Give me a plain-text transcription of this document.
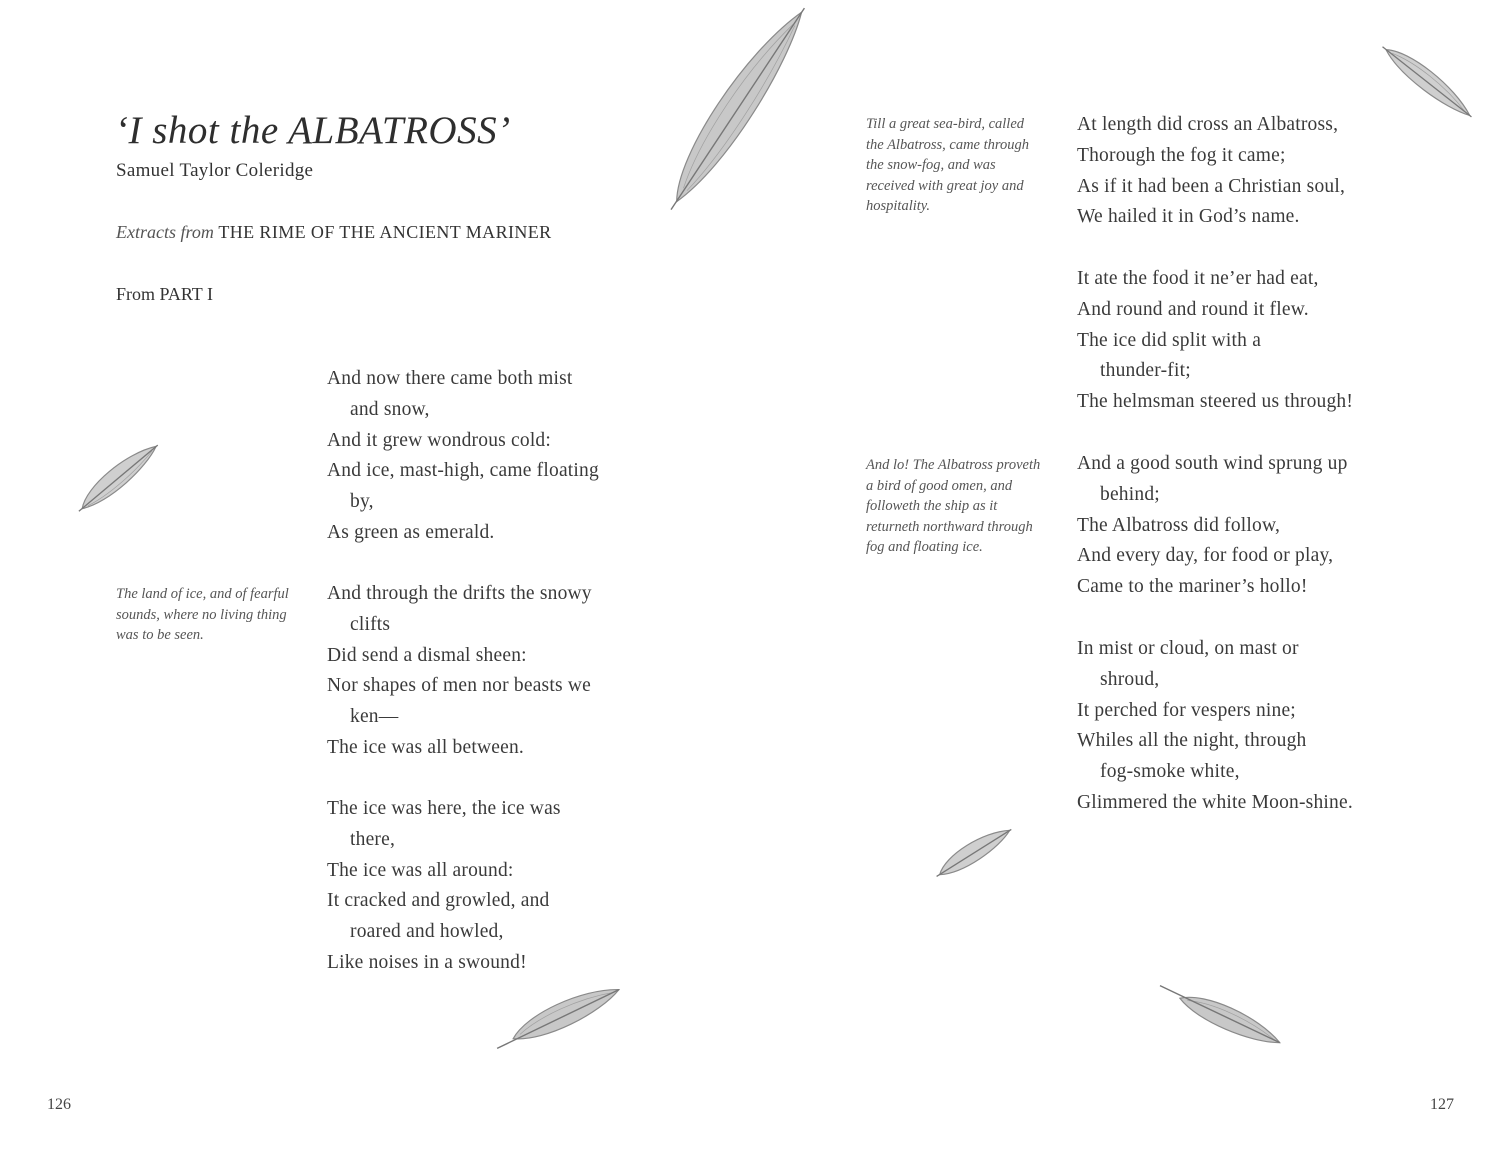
‘I shot the ALBATROSS’
Samuel Taylor Coleridge
Extracts from THE RIME OF THE ANCIENT MARINER
From PART I
The land of ice, and of fearful sounds, where no living thing was to be seen.
And now there came both mist
and snow,
And it grew wondrous cold:
And ice, mast-high, came floating
by,
As green as emerald.
And through the drifts the snowy
clifts
Did send a dismal sheen:
Nor shapes of men nor beasts we
ken—
The ice was all between.
The ice was here, the ice was
there,
The ice was all around:
It cracked and growled, and
roared and howled,
Like noises in a swound!
126
Till a great sea-bird, called the Albatross, came through the snow-fog, and was received with great joy and hospitality.
And lo! The Albatross proveth a bird of good omen, and followeth the ship as it returneth northward through fog and floating ice.
At length did cross an Albatross,
Thorough the fog it came;
As if it had been a Christian soul,
We hailed it in God’s name.
It ate the food it ne’er had eat,
And round and round it flew.
The ice did split with a
thunder-fit;
The helmsman steered us through!
And a good south wind sprung up
behind;
The Albatross did follow,
And every day, for food or play,
Came to the mariner’s hollo!
In mist or cloud, on mast or
shroud,
It perched for vespers nine;
Whiles all the night, through
fog-smoke white,
Glimmered the white Moon-shine.
127
